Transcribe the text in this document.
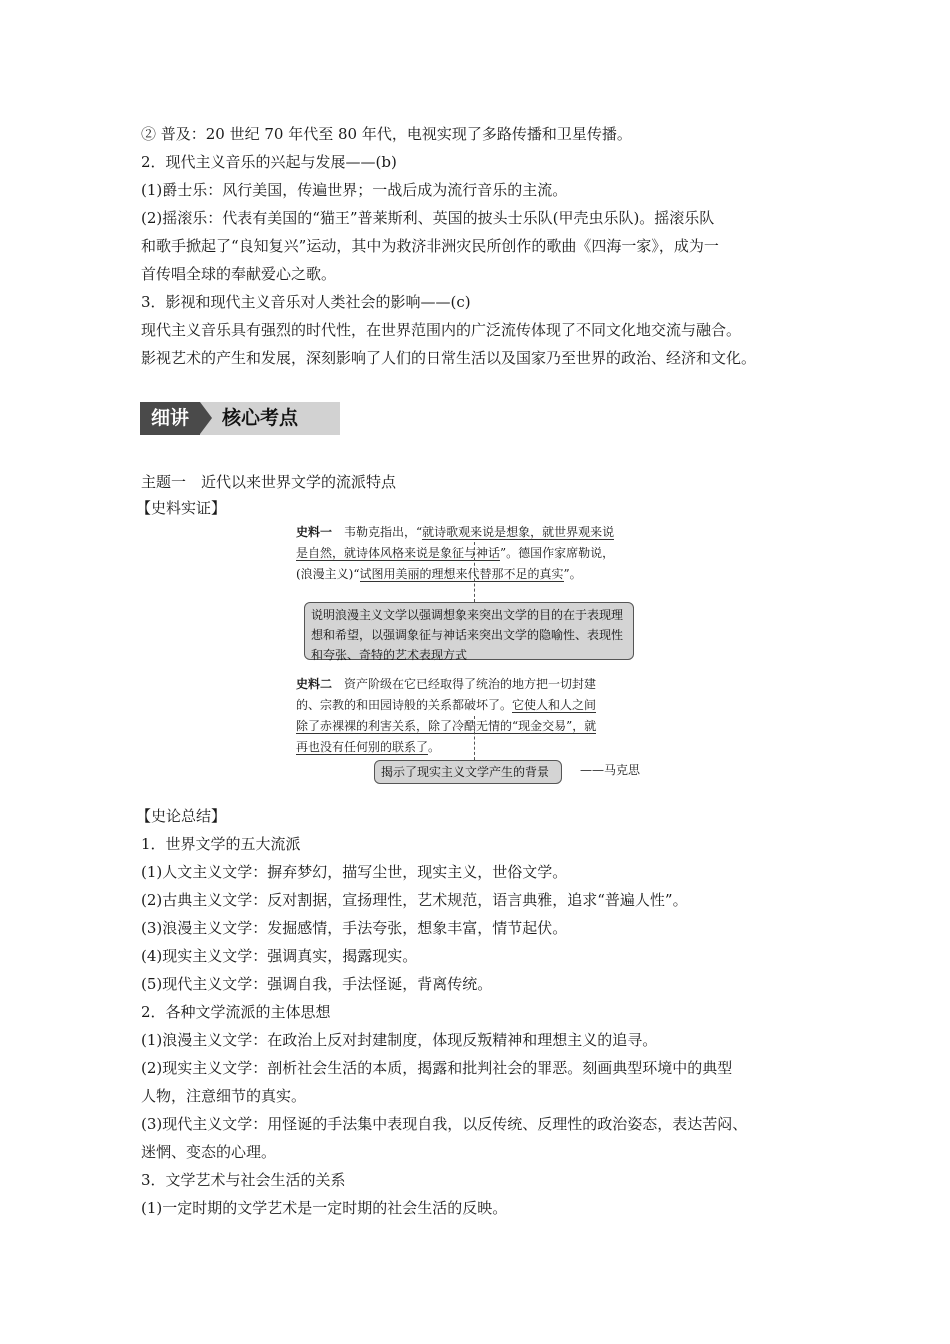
② 普及：20 世纪 70 年代至 80 年代，电视实现了多路传播和卫星传播。
2．现代主义音乐的兴起与发展——(b)
(1)爵士乐：风行美国，传遍世界；一战后成为流行音乐的主流。
(2)摇滚乐：代表有美国的“猫王”普莱斯利、英国的披头士乐队(甲壳虫乐队)。摇滚乐队
和歌手掀起了“良知复兴”运动，其中为救济非洲灾民所创作的歌曲《四海一家》，成为一
首传唱全球的奉献爱心之歌。
3．影视和现代主义音乐对人类社会的影响——(c)
现代主义音乐具有强烈的时代性，在世界范围内的广泛流传体现了不同文化地交流与融合。
影视艺术的产生和发展，深刻影响了人们的日常生活以及国家乃至世界的政治、经济和文化。
细讲	核心考点
主题一　近代以来世界文学的流派特点
【史料实证】
史料一　 韦勒克指出，“就诗歌观来说是想象，就世界观来说
是自然，就诗体风格来说是象征与神话”。德国作家席勒说，
(浪漫主义)“试图用美丽的理想来代替那不足的真实”。
说明浪漫主义文学以强调想象来突出文学的目的在于表现理想和希望，以强调象征与神话来突出文学的隐喻性、表现性和夸张、奇特的艺术表现方式
史料二　 资产阶级在它已经取得了统治的地方把一切封建
的、宗教的和田园诗般的关系都破坏了。它使人和人之间
除了赤裸裸的利害关系，除了冷酷无情的“现金交易”，就
再也没有任何别的联系了。
揭示了现实主义文学产生的背景	——马克思
【史论总结】
1．世界文学的五大流派
(1)人文主义文学：摒弃梦幻，描写尘世，现实主义，世俗文学。
(2)古典主义文学：反对割据，宣扬理性，艺术规范，语言典雅，追求“普遍人性”。
(3)浪漫主义文学：发掘感情，手法夸张，想象丰富，情节起伏。
(4)现实主义文学：强调真实，揭露现实。
(5)现代主义文学：强调自我，手法怪诞，背离传统。
2．各种文学流派的主体思想
(1)浪漫主义文学：在政治上反对封建制度，体现反叛精神和理想主义的追寻。
(2)现实主义文学：剖析社会生活的本质，揭露和批判社会的罪恶。刻画典型环境中的典型
人物，注意细节的真实。
(3)现代主义文学：用怪诞的手法集中表现自我，以反传统、反理性的政治姿态，表达苦闷、
迷惘、变态的心理。
3．文学艺术与社会生活的关系
(1)一定时期的文学艺术是一定时期的社会生活的反映。
